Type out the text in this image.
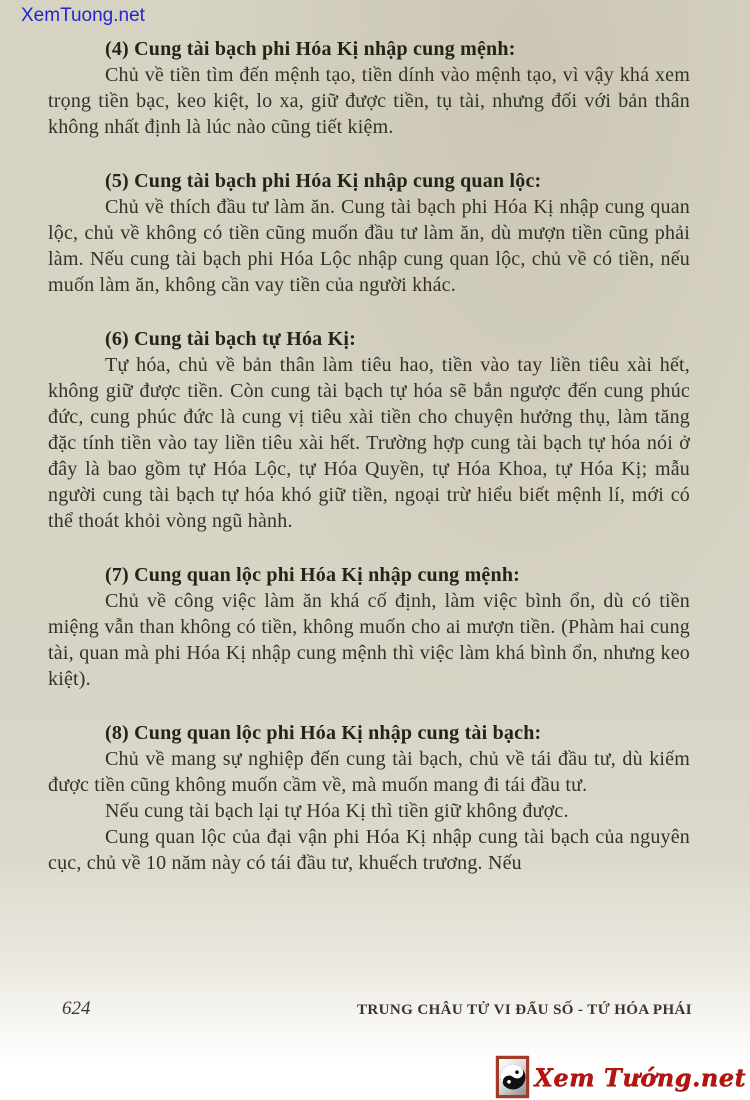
XemTuong.net
(4) Cung tài bạch phi Hóa Kị nhập cung mệnh:

Chủ về tiền tìm đến mệnh tạo, tiền dính vào mệnh tạo, vì vậy khá xem trọng tiền bạc, keo kiệt, lo xa, giữ được tiền, tụ tài, nhưng đối với bản thân không nhất định là lúc nào cũng tiết kiệm.

(5) Cung tài bạch phi Hóa Kị nhập cung quan lộc:

Chủ về thích đầu tư làm ăn. Cung tài bạch phi Hóa Kị nhập cung quan lộc, chủ về không có tiền cũng muốn đầu tư làm ăn, dù mượn tiền cũng phải làm. Nếu cung tài bạch phi Hóa Lộc nhập cung quan lộc, chủ về có tiền, nếu muốn làm ăn, không cần vay tiền của người khác.

(6) Cung tài bạch tự Hóa Kị:

Tự hóa, chủ về bản thân làm tiêu hao, tiền vào tay liền tiêu xài hết, không giữ được tiền. Còn cung tài bạch tự hóa sẽ bắn ngược đến cung phúc đức, cung phúc đức là cung vị tiêu xài tiền cho chuyện hưởng thụ, làm tăng đặc tính tiền vào tay liền tiêu xài hết. Trường hợp cung tài bạch tự hóa nói ở đây là bao gồm tự Hóa Lộc, tự Hóa Quyền, tự Hóa Khoa, tự Hóa Kị; mẫu người cung tài bạch tự hóa khó giữ tiền, ngoại trừ hiểu biết mệnh lí, mới có thể thoát khỏi vòng ngũ hành.

(7) Cung quan lộc phi Hóa Kị nhập cung mệnh:

Chủ về công việc làm ăn khá cố định, làm việc bình ổn, dù có tiền miệng vẫn than không có tiền, không muốn cho ai mượn tiền. (Phàm hai cung tài, quan mà phi Hóa Kị nhập cung mệnh thì việc làm khá bình ổn, nhưng keo kiệt).

(8) Cung quan lộc phi Hóa Kị nhập cung tài bạch:

Chủ về mang sự nghiệp đến cung tài bạch, chủ về tái đầu tư, dù kiếm được tiền cũng không muốn cầm về, mà muốn mang đi tái đầu tư.

Nếu cung tài bạch lại tự Hóa Kị thì tiền giữ không được.

Cung quan lộc của đại vận phi Hóa Kị nhập cung tài bạch của nguyên cục, chủ về 10 năm này có tái đầu tư, khuếch trương. Nếu

624	TRUNG CHÂU TỬ VI ĐẨU SỐ - TỨ HÓA PHÁI
Xem Tướng.net
